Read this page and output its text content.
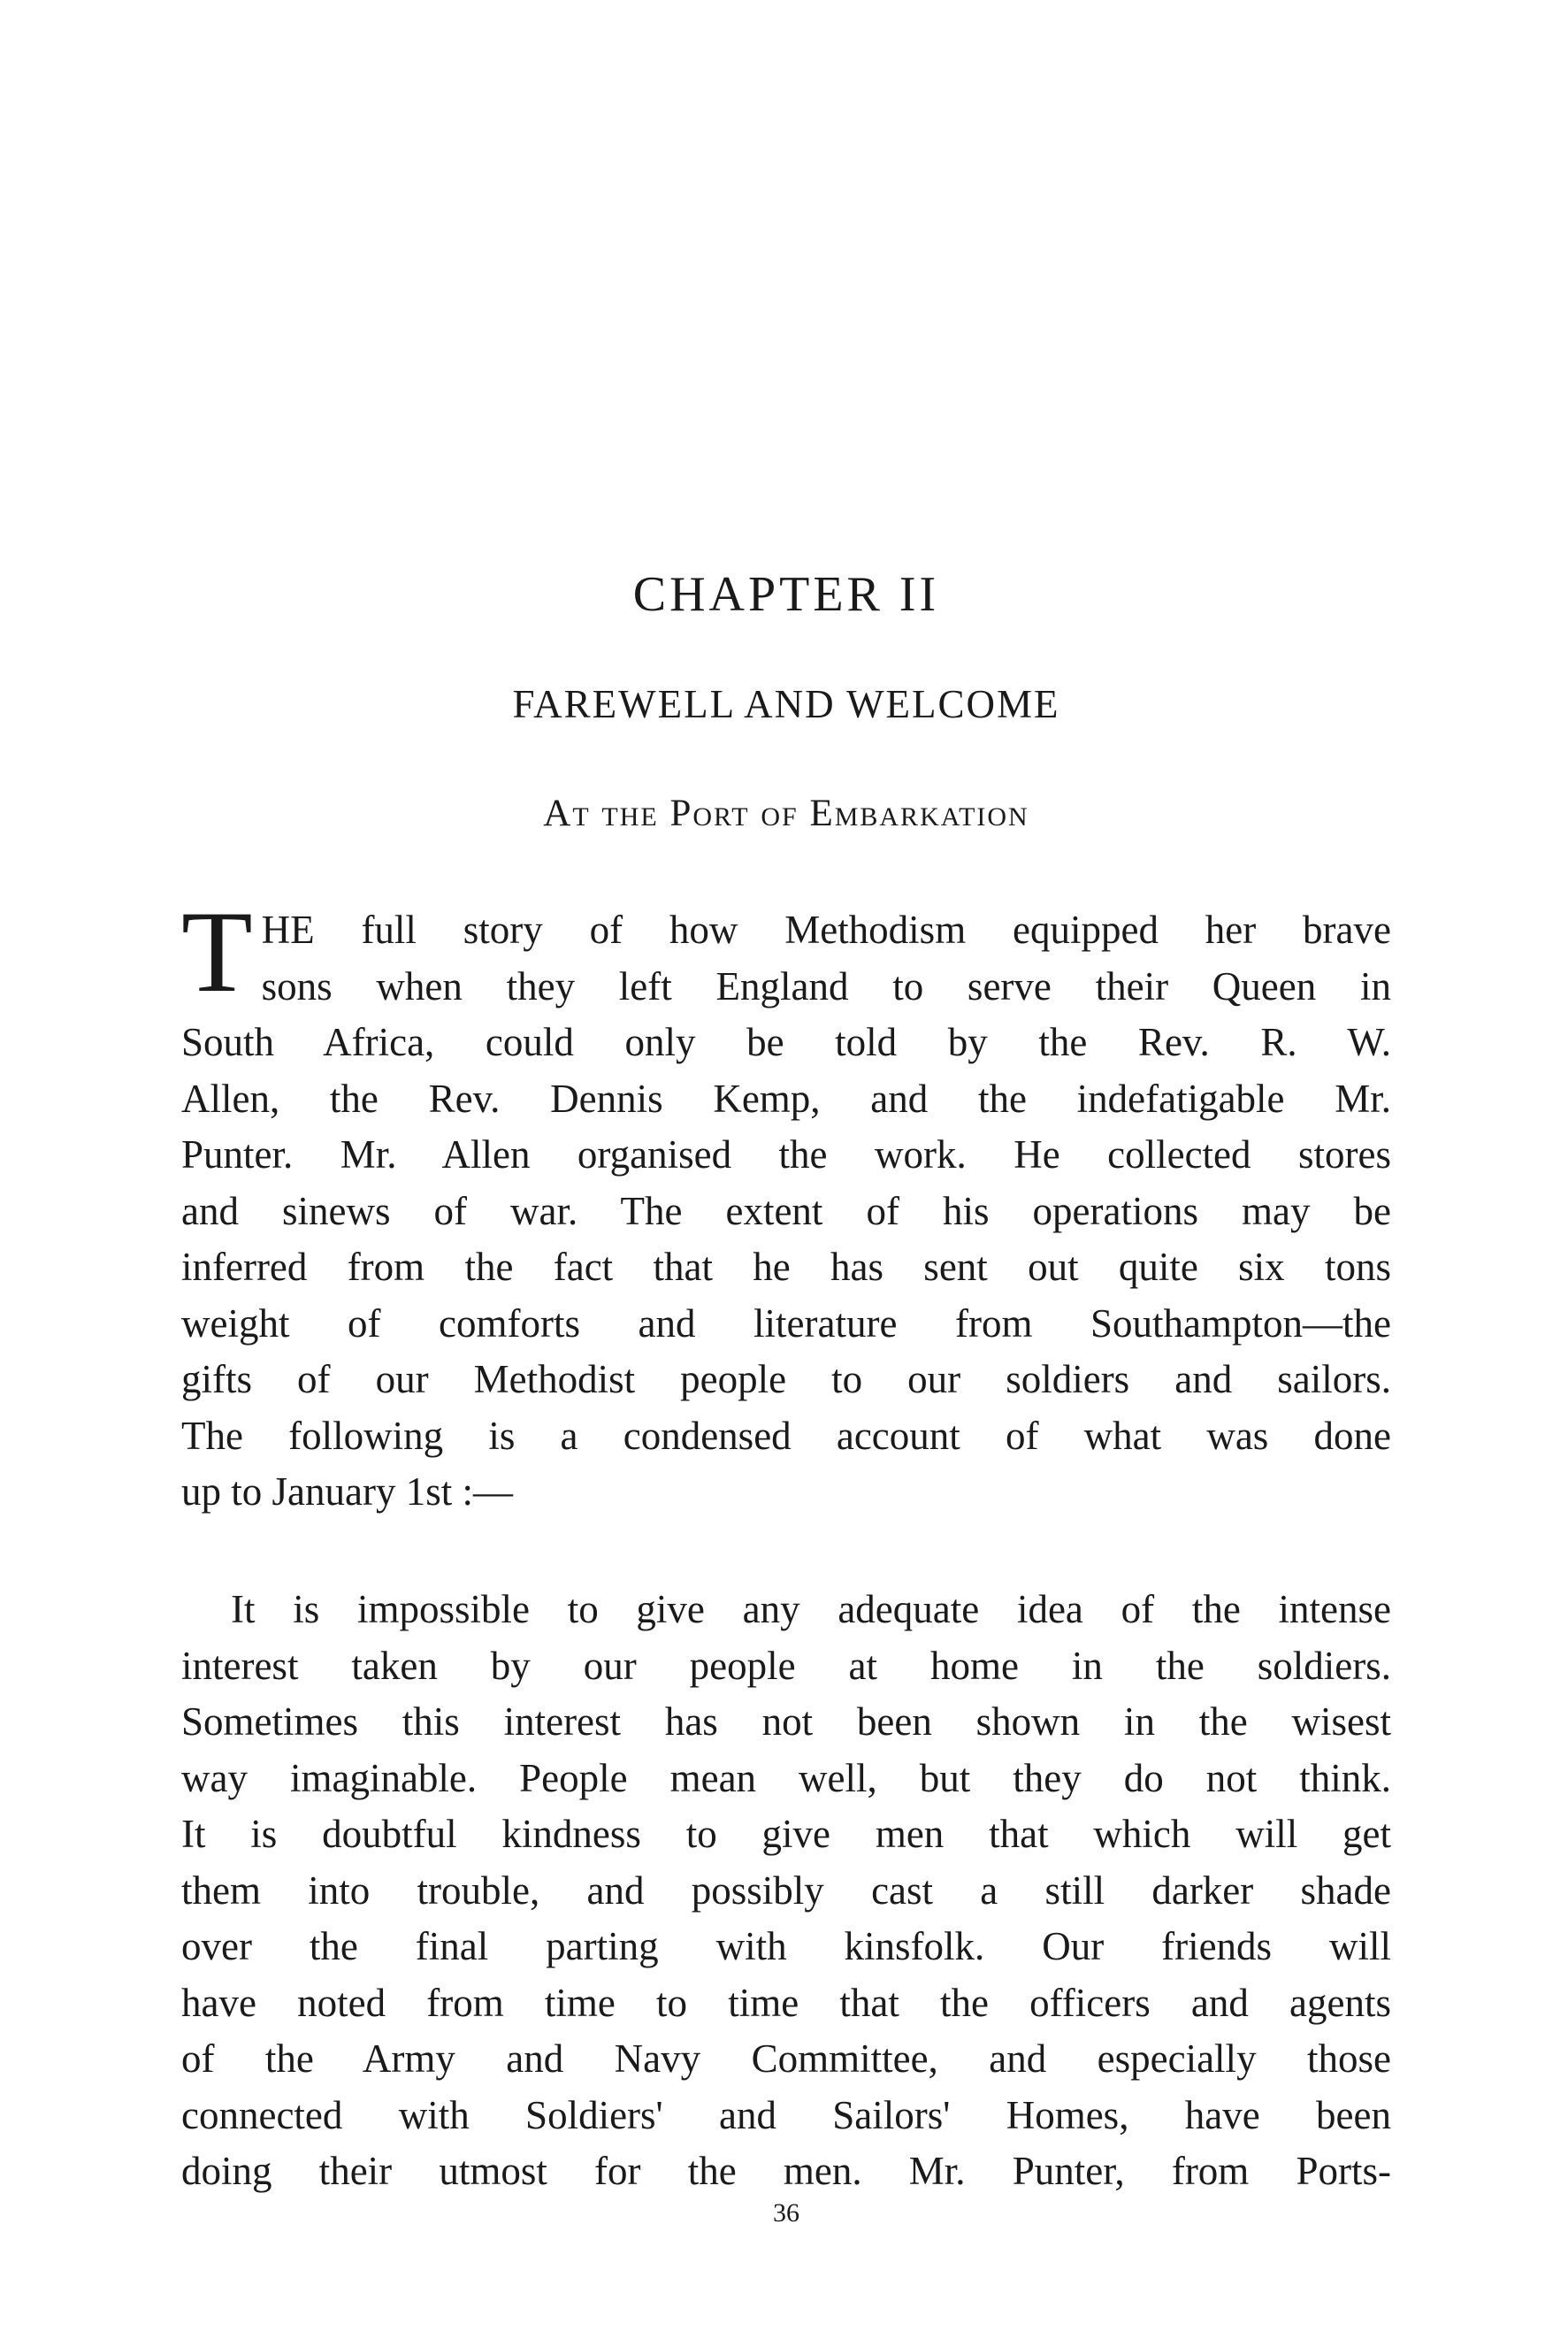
CHAPTER II
FAREWELL AND WELCOME
At the Port of Embarkation
T HE full story of how Methodism equipped her brave
sons when they left England to serve their Queen in
South Africa, could only be told by the Rev. R. W.
Allen, the Rev. Dennis Kemp, and the indefatigable Mr.
Punter. Mr. Allen organised the work. He collected stores
and sinews of war. The extent of his operations may be
inferred from the fact that he has sent out quite six tons
weight of comforts and literature from Southampton—the
gifts of our Methodist people to our soldiers and sailors.
The following is a condensed account of what was done
up to January 1st :—
It is impossible to give any adequate idea of the intense
interest taken by our people at home in the soldiers.
Sometimes this interest has not been shown in the wisest
way imaginable. People mean well, but they do not think.
It is doubtful kindness to give men that which will get
them into trouble, and possibly cast a still darker shade
over the final parting with kinsfolk. Our friends will
have noted from time to time that the officers and agents
of the Army and Navy Committee, and especially those
connected with Soldiers' and Sailors' Homes, have been
doing their utmost for the men. Mr. Punter, from Ports-
36
